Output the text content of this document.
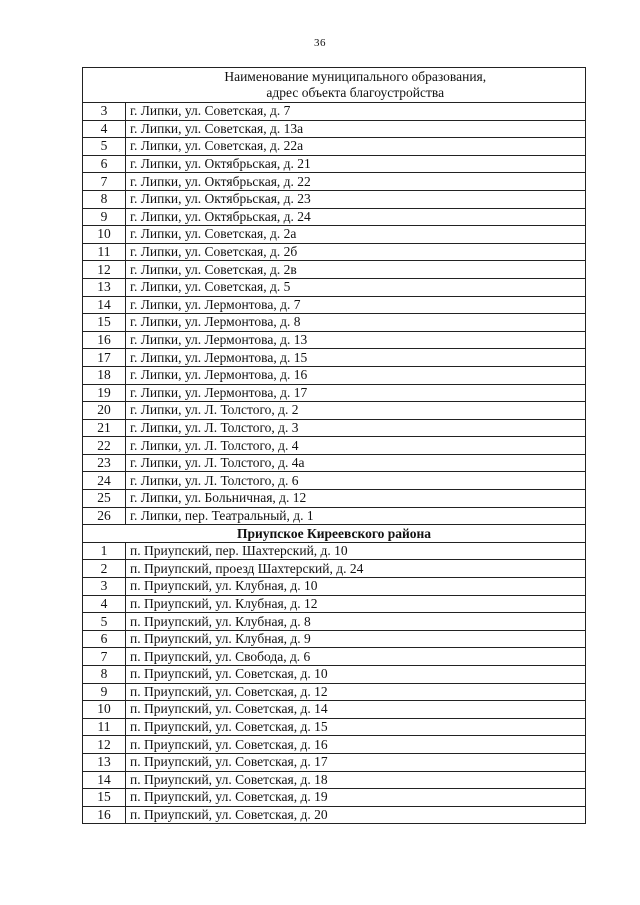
36

	Наименование муниципального образования,
адрес объекта благоустройства

3	г. Липки, ул. Советская, д. 7
4	г. Липки, ул. Советская, д. 13а
5	г. Липки, ул. Советская, д. 22а
6	г. Липки, ул. Октябрьская, д. 21
7	г. Липки, ул. Октябрьская, д. 22
8	г. Липки, ул. Октябрьская, д. 23
9	г. Липки, ул. Октябрьская, д. 24
10	г. Липки, ул. Советская, д. 2а
11	г. Липки, ул. Советская, д. 2б
12	г. Липки, ул. Советская, д. 2в
13	г. Липки, ул. Советская, д. 5
14	г. Липки, ул. Лермонтова, д. 7
15	г. Липки, ул. Лермонтова, д. 8
16	г. Липки, ул. Лермонтова, д. 13
17	г. Липки, ул. Лермонтова, д. 15
18	г. Липки, ул. Лермонтова, д. 16
19	г. Липки, ул. Лермонтова, д. 17
20	г. Липки, ул. Л. Толстого, д. 2
21	г. Липки, ул. Л. Толстого, д. 3
22	г. Липки, ул. Л. Толстого, д. 4
23	г. Липки, ул. Л. Толстого, д. 4а
24	г. Липки, ул. Л. Толстого, д. 6
25	г. Липки, ул. Больничная, д. 12
26	г. Липки, пер. Театральный, д. 1
Приупское Киреевского района	
1	п. Приупский, пер. Шахтерский, д. 10
2	п. Приупский, проезд Шахтерский, д. 24
3	п. Приупский, ул. Клубная, д. 10
4	п. Приупский, ул. Клубная, д. 12
5	п. Приупский, ул. Клубная, д. 8
6	п. Приупский, ул. Клубная, д. 9
7	п. Приупский, ул. Свобода, д. 6
8	п. Приупский, ул. Советская, д. 10
9	п. Приупский, ул. Советская, д. 12
10	п. Приупский, ул. Советская, д. 14
11	п. Приупский, ул. Советская, д. 15
12	п. Приупский, ул. Советская, д. 16
13	п. Приупский, ул. Советская, д. 17
14	п. Приупский, ул. Советская, д. 18
15	п. Приупский, ул. Советская, д. 19
16	п. Приупский, ул. Советская, д. 20
